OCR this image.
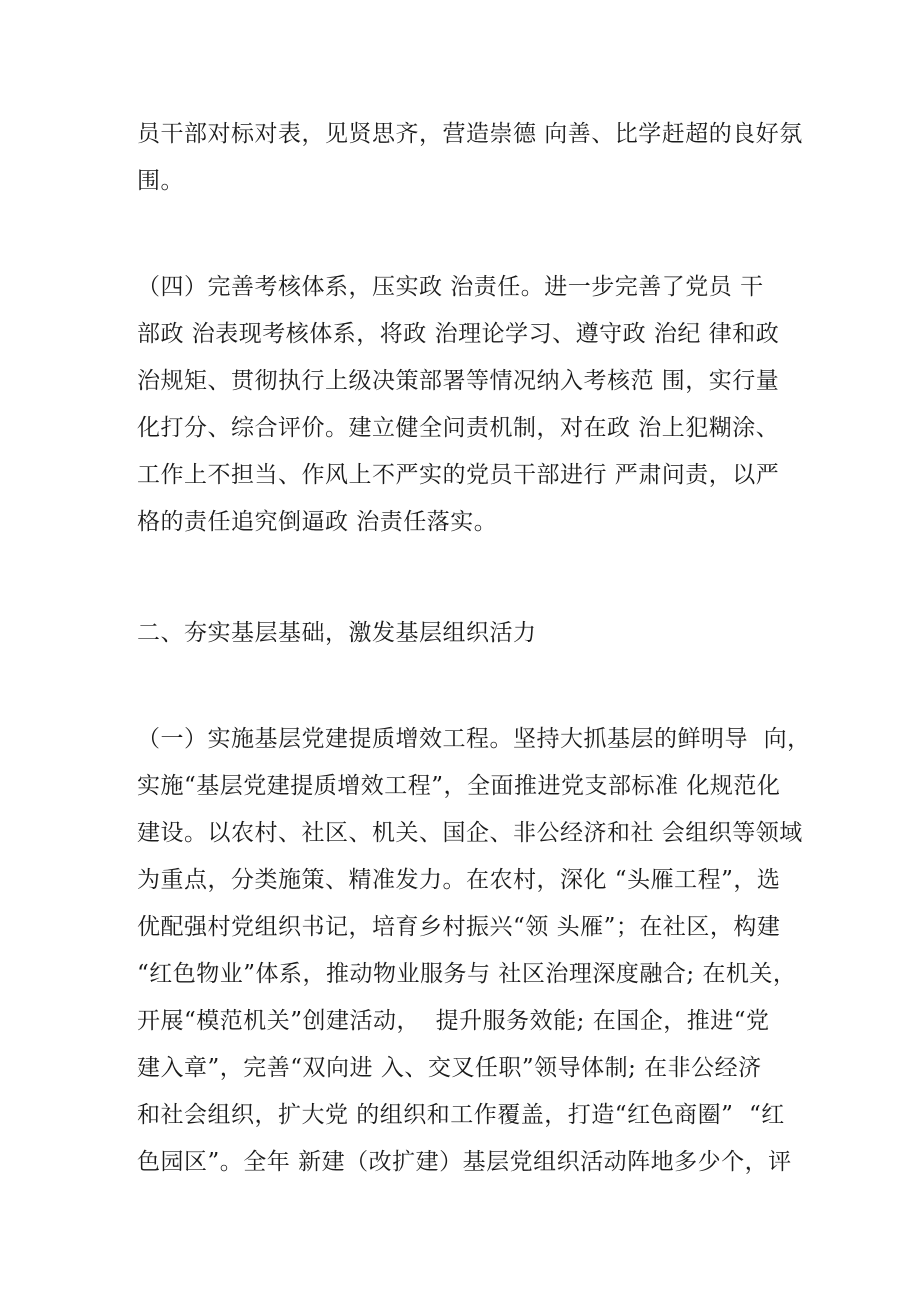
员干部对标对表，见贤思齐，营造崇德 向善、比学赶超的良好氛
围。
（四）完善考核体系，压实政 治责任。进一步完善了党员 干
部政 治表现考核体系，将政 治理论学习、遵守政 治纪 律和政
治规矩、贯彻执行上级决策部署等情况纳入考核范 围，实行量
化打分、综合评价。建立健全问责机制，对在政 治上犯糊涂、
工作上不担当、作风上不严实的党员干部进行 严肃问责，以严
格的责任追究倒逼政 治责任落实。
二、夯实基层基础，激发基层组织活力
（一）实施基层党建提质增效工程。坚持大抓基层的鲜明导  向，
实施“基层党建提质增效工程”，全面推进党支部标准 化规范化
建设。以农村、社区、机关、国企、非公经济和社 会组织等领域
为重点，分类施策、精准发力。在农村，深化 “头雁工程”，选
优配强村党组织书记，培育乡村振兴“领 头雁”；在社区，构建
“红色物业”体系，推动物业服务与 社区治理深度融合; 在机关，
开展“模范机关”创建活动，  提升服务效能; 在国企，推进“党
建入章”，完善“双向进 入、交叉任职”领导体制; 在非公经济
和社会组织，扩大党 的组织和工作覆盖，打造“红色商圈”  “红
色园区”。全年 新建（改扩建）基层党组织活动阵地多少个，评
